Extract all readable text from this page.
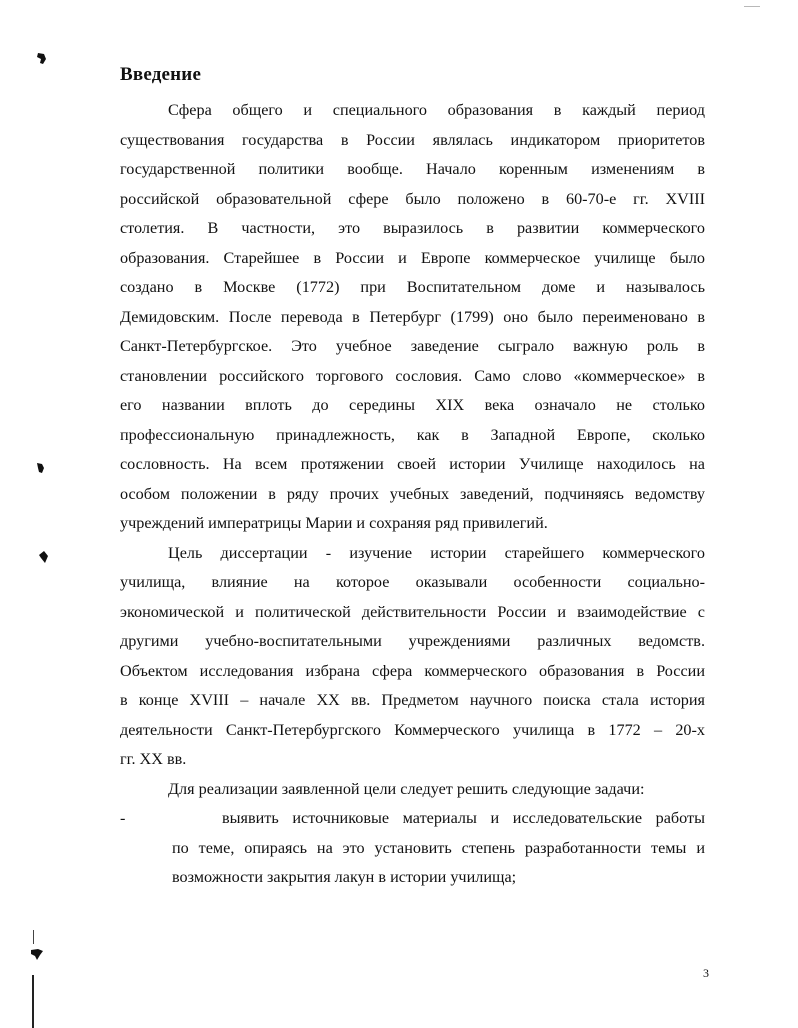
Введение
Сфера общего и специального образования в каждый период
существования государства в России являлась индикатором приоритетов
государственной политики вообще. Начало коренным изменениям в
российской образовательной сфере было положено в 60-70-е гг. XVIII
столетия. В частности, это выразилось в развитии коммерческого
образования. Старейшее в России и Европе коммерческое училище было
создано в Москве (1772) при Воспитательном доме и называлось
Демидовским. После перевода в Петербург (1799) оно было переименовано в
Санкт-Петербургское. Это учебное заведение сыграло важную роль в
становлении российского торгового сословия. Само слово «коммерческое» в
его названии вплоть до середины XIX века означало не столько
профессиональную принадлежность, как в Западной Европе, сколько
сословность. На всем протяжении своей истории Училище находилось на
особом положении в ряду прочих учебных заведений, подчиняясь ведомству
учреждений императрицы Марии и сохраняя ряд привилегий.
Цель диссертации - изучение истории старейшего коммерческого
училища, влияние на которое оказывали особенности социально-
экономической и политической действительности России и взаимодействие с
другими учебно-воспитательными учреждениями различных ведомств.
Объектом исследования избрана сфера коммерческого образования в России
в конце XVIII – начале XX вв. Предметом научного поиска стала история
деятельности Санкт-Петербургского Коммерческого училища в 1772 – 20-х
гг. XX вв.
Для реализации заявленной цели следует решить следующие задачи:
-	выявить источниковые материалы и исследовательские работы
по теме, опираясь на это установить степень разработанности темы и
возможности закрытия лакун в истории училища;
3
